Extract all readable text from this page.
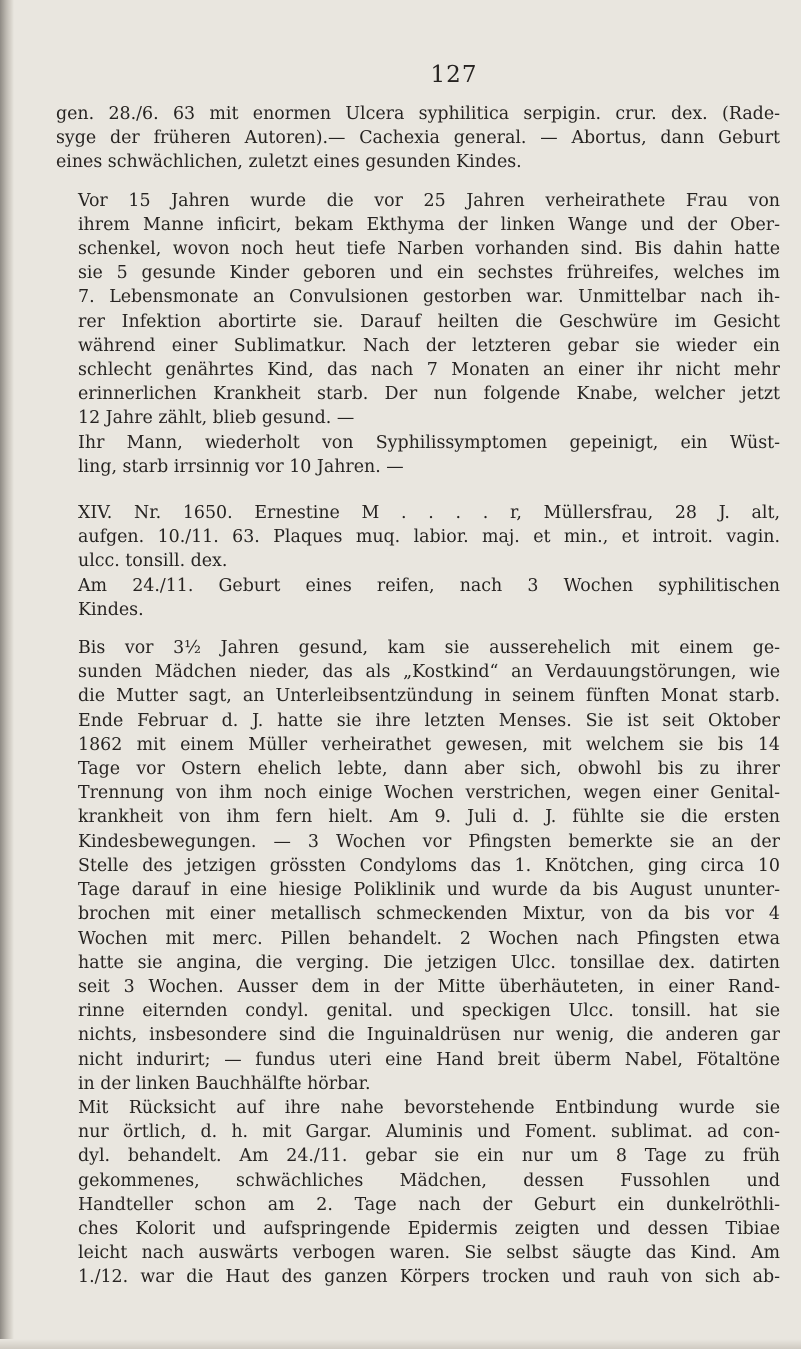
127

gen. 28./6. 63 mit enormen Ulcera syphilitica serpigin. crur. dex. (Rade-
syge der früheren Autoren).— Cachexia general. — Abortus, dann Geburt
eines schwächlichen, zuletzt eines gesunden Kindes.

Vor 15 Jahren wurde die vor 25 Jahren verheirathete Frau von
ihrem Manne inficirt, bekam Ekthyma der linken Wange und der Ober-
schenkel, wovon noch heut tiefe Narben vorhanden sind. Bis dahin hatte
sie 5 gesunde Kinder geboren und ein sechstes frühreifes, welches im
7. Lebensmonate an Convulsionen gestorben war. Unmittelbar nach ih-
rer Infektion abortirte sie. Darauf heilten die Geschwüre im Gesicht
während einer Sublimatkur. Nach der letzteren gebar sie wieder ein
schlecht genährtes Kind, das nach 7 Monaten an einer ihr nicht mehr
erinnerlichen Krankheit starb. Der nun folgende Knabe, welcher jetzt
12 Jahre zählt, blieb gesund. —

Ihr Mann, wiederholt von Syphilissymptomen gepeinigt, ein Wüst-
ling, starb irrsinnig vor 10 Jahren. —

XIV. Nr. 1650. Ernestine M . . . . r, Müllersfrau, 28 J. alt,
aufgen. 10./11. 63. Plaques muq. labior. maj. et min., et introit. vagin.
ulcc. tonsill. dex.

Am 24./11. Geburt eines reifen, nach 3 Wochen syphilitischen
Kindes.

Bis vor 3½ Jahren gesund, kam sie ausserehelich mit einem ge-
sunden Mädchen nieder, das als „Kostkind“ an Verdauungstörungen, wie
die Mutter sagt, an Unterleibsentzündung in seinem fünften Monat starb.
Ende Februar d. J. hatte sie ihre letzten Menses. Sie ist seit Oktober
1862 mit einem Müller verheirathet gewesen, mit welchem sie bis 14
Tage vor Ostern ehelich lebte, dann aber sich, obwohl bis zu ihrer
Trennung von ihm noch einige Wochen verstrichen, wegen einer Genital-
krankheit von ihm fern hielt. Am 9. Juli d. J. fühlte sie die ersten
Kindesbewegungen. — 3 Wochen vor Pfingsten bemerkte sie an der
Stelle des jetzigen grössten Condyloms das 1. Knötchen, ging circa 10
Tage darauf in eine hiesige Poliklinik und wurde da bis August ununter-
brochen mit einer metallisch schmeckenden Mixtur, von da bis vor 4
Wochen mit merc. Pillen behandelt. 2 Wochen nach Pfingsten etwa
hatte sie angina, die verging. Die jetzigen Ulcc. tonsillae dex. datirten
seit 3 Wochen. Ausser dem in der Mitte überhäuteten, in einer Rand-
rinne eiternden condyl. genital. und speckigen Ulcc. tonsill. hat sie
nichts, insbesondere sind die Inguinaldrüsen nur wenig, die anderen gar
nicht indurirt; — fundus uteri eine Hand breit überm Nabel, Fötaltöne
in der linken Bauchhälfte hörbar.

Mit Rücksicht auf ihre nahe bevorstehende Entbindung wurde sie
nur örtlich, d. h. mit Gargar. Aluminis und Foment. sublimat. ad con-
dyl. behandelt. Am 24./11. gebar sie ein nur um 8 Tage zu früh
gekommenes, schwächliches Mädchen, dessen Fussohlen und
Handteller schon am 2. Tage nach der Geburt ein dunkelröthli-
ches Kolorit und aufspringende Epidermis zeigten und dessen Tibiae
leicht nach auswärts verbogen waren. Sie selbst säugte das Kind. Am
1./12. war die Haut des ganzen Körpers trocken und rauh von sich ab-
